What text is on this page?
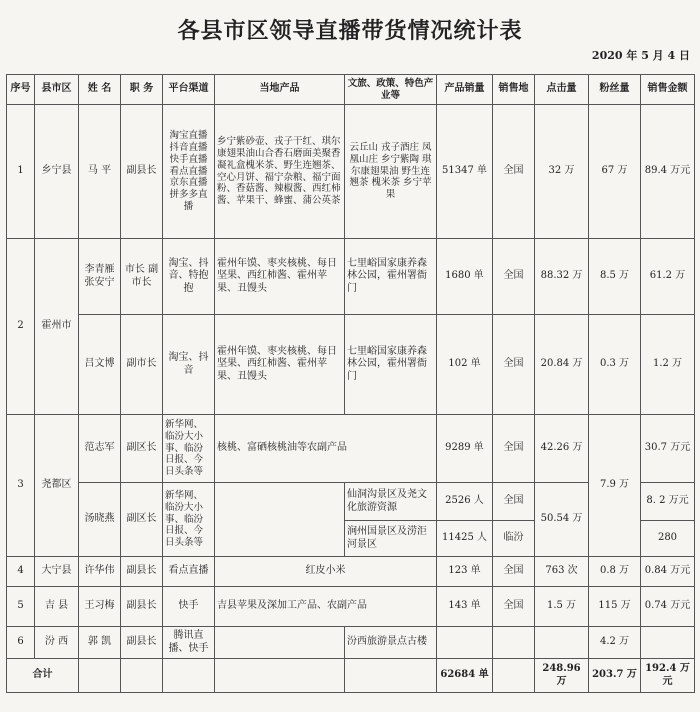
各县市区领导直播带货情况统计表
2020 年 5 月 4 日
序号	县市区	姓 名	职 务	平台渠道	当地产品	文旅、政策、特色产业等	产品销量	销售地	点击量	粉丝量	销售金额
1	乡宁县	马 平	副县长	淘宝直播 抖音直播 快手直播 看点直播 京东直播 拼多多直播	乡宁紫砂壶、戎子干红、琪尔康翅果油山合香石磨面美聚香凝礼盒槐米茶、野生连翘茶、空心月饼、福宁杂粮、福宁面粉、香菇酱、辣椒酱、西红柿酱、苹果干、蜂蜜、蒲公英茶	云丘山 戎子酒庄 凤凰山庄 乡宁紫陶 琪尔康翅果油 野生连翘茶 槐米茶 乡宁苹果	51347 单	全国	32 万	67 万	89.4 万元
2	霍州市	李青雁 张安宁	市长 副市长	淘宝、抖音、特抱抱	霍州年馍、枣夹核桃、每日坚果、西红柿酱、霍州苹果、丑馒头	七里峪国家康养森林公园，霍州署衙门	1680 单	全国	88.32 万	8.5 万	61.2 万
		吕文博	副市长	淘宝、抖音	霍州年馍、枣夹核桃、每日坚果、西红柿酱、霍州苹果、丑馒头	七里峪国家康养森林公园，霍州署衙门	102 单	全国	20.84 万	0.3 万	1.2 万
3	尧都区	范志军	副区长	新华网、临汾大小事、临汾日报、今日头条等	核桃、富硒核桃油等农副产品		9289 单	全国	42.26 万	7.9 万	30.7 万元
		汤晓燕	副区长	新华网、临汾大小事、临汾日报、今日头条等		仙洞沟景区及尧文化旅游资源	2526 人	全国	50.54 万		8. 2 万元
						涧州国景区及涝洰河景区	11425 人	临汾			280
4	大宁县	许华伟	副县长	看点直播	红皮小米		123 单	全国	763 次	0.8 万	0.84 万元
5	吉 县	王习梅	副县长	快手	吉县苹果及深加工产品、农副产品		143 单	全国	1.5 万	115 万	0.74 万元
6	汾 西	郭 凯	副县长	腾讯直播、快手		汾西旅游景点古楼				4.2 万	
合计							62684 单		248.96 万	203.7 万	192.4 万元
